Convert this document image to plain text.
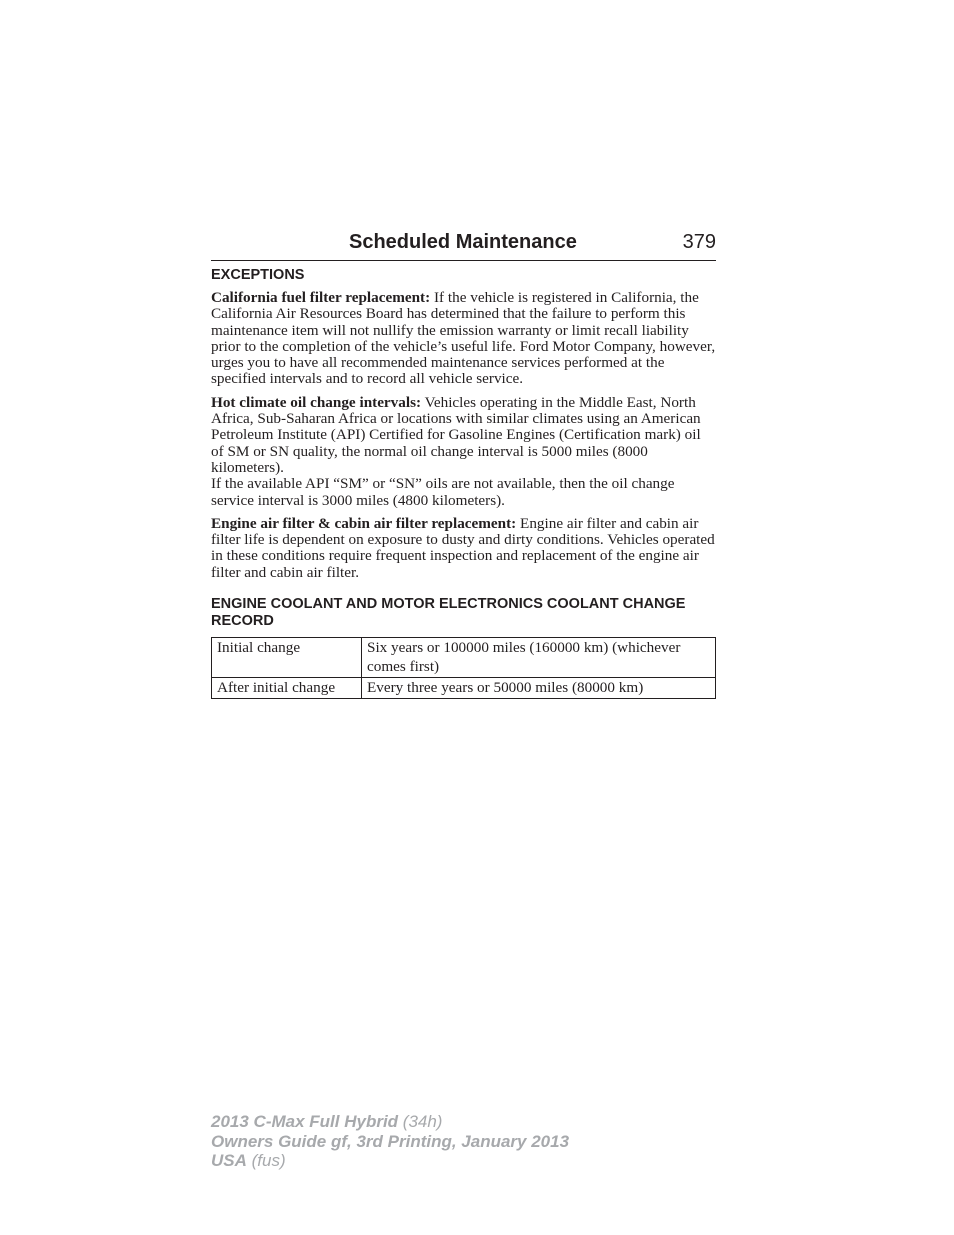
Scheduled Maintenance	379
EXCEPTIONS

California fuel filter replacement: If the vehicle is registered in California, the California Air Resources Board has determined that the failure to perform this maintenance item will not nullify the emission warranty or limit recall liability prior to the completion of the vehicle’s useful life. Ford Motor Company, however, urges you to have all recommended maintenance services performed at the specified intervals and to record all vehicle service.

Hot climate oil change intervals: Vehicles operating in the Middle East, North Africa, Sub-Saharan Africa or locations with similar climates using an American Petroleum Institute (API) Certified for Gasoline Engines (Certification mark) oil of SM or SN quality, the normal oil change interval is 5000 miles (8000 kilometers).
If the available API “SM” or “SN” oils are not available, then the oil change service interval is 3000 miles (4800 kilometers).

Engine air filter & cabin air filter replacement: Engine air filter and cabin air filter life is dependent on exposure to dusty and dirty conditions. Vehicles operated in these conditions require frequent inspection and replacement of the engine air filter and cabin air filter.

ENGINE COOLANT AND MOTOR ELECTRONICS COOLANT CHANGE RECORD
Initial change	Six years or 100000 miles (160000 km) (whichever comes first)
After initial change	Every three years or 50000 miles (80000 km)
2013 C-Max Full Hybrid (34h)
Owners Guide gf, 3rd Printing, January 2013
USA (fus)
